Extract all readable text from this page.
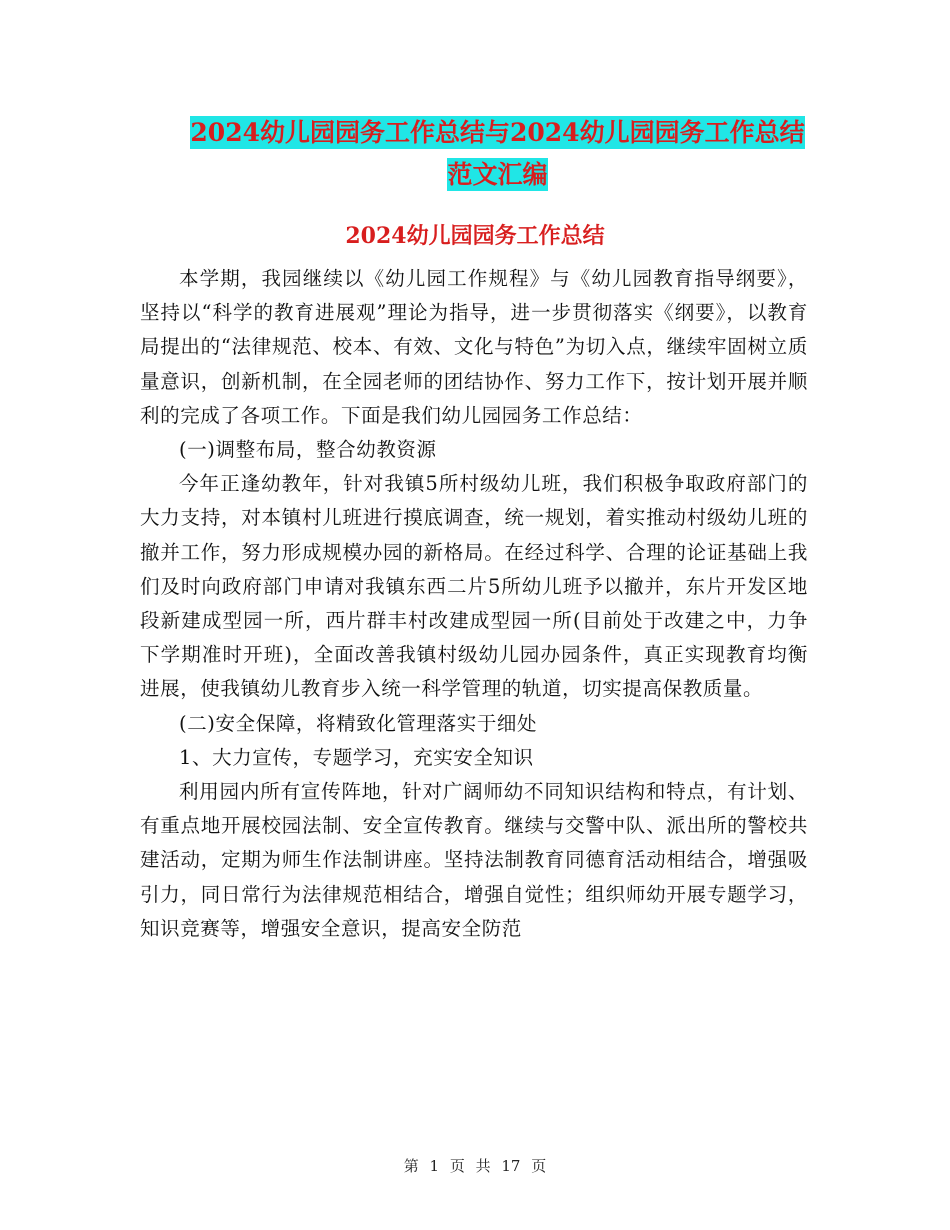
2024幼儿园园务工作总结与2024幼儿园园务工作总结
范文汇编
2024幼儿园园务工作总结

本学期，我园继续以《幼儿园工作规程》与《幼儿园教育指导纲要》，坚持以“科学的教育进展观”理论为指导，进一步贯彻落实《纲要》，以教育局提出的“法律规范、校本、有效、文化与特色”为切入点，继续牢固树立质量意识，创新机制，在全园老师的团结协作、努力工作下，按计划开展并顺利的完成了各项工作。下面是我们幼儿园园务工作总结：

(一)调整布局，整合幼教资源

今年正逢幼教年，针对我镇5所村级幼儿班，我们积极争取政府部门的大力支持，对本镇村儿班进行摸底调查，统一规划，着实推动村级幼儿班的撤并工作，努力形成规模办园的新格局。在经过科学、合理的论证基础上我们及时向政府部门申请对我镇东西二片5所幼儿班予以撤并，东片开发区地段新建成型园一所，西片群丰村改建成型园一所(目前处于改建之中，力争下学期准时开班)，全面改善我镇村级幼儿园办园条件，真正实现教育均衡进展，使我镇幼儿教育步入统一科学管理的轨道，切实提高保教质量。

(二)安全保障，将精致化管理落实于细处

1、大力宣传，专题学习，充实安全知识

利用园内所有宣传阵地，针对广阔师幼不同知识结构和特点，有计划、有重点地开展校园法制、安全宣传教育。继续与交警中队、派出所的警校共建活动，定期为师生作法制讲座。坚持法制教育同德育活动相结合，增强吸引力，同日常行为法律规范相结合，增强自觉性；组织师幼开展专题学习，知识竞赛等，增强安全意识，提高安全防范

第 1 页 共 17 页
